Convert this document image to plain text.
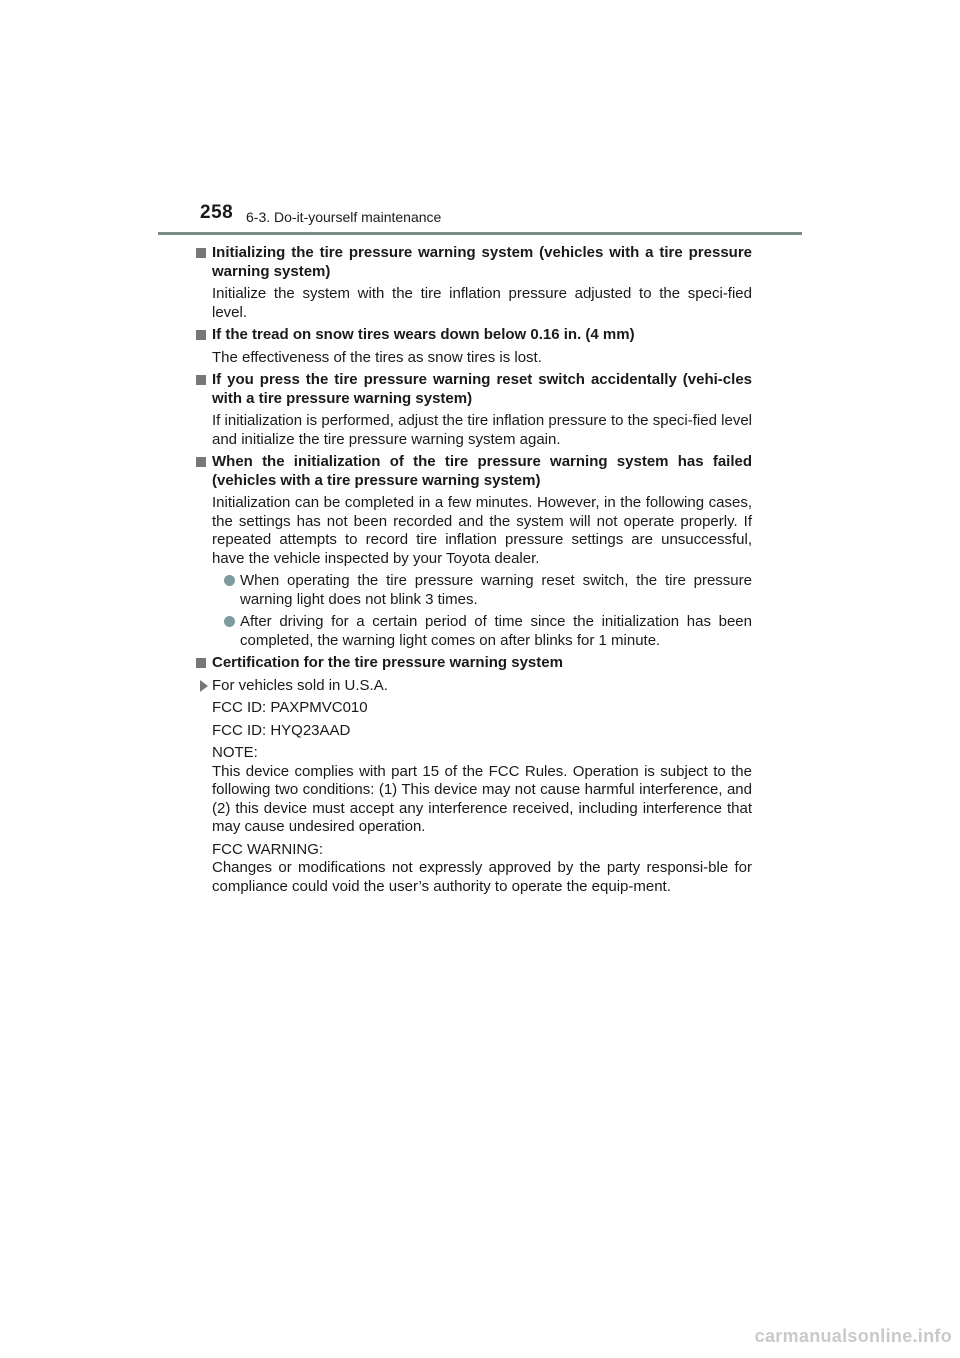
258 6-3. Do-it-yourself maintenance
Initializing the tire pressure warning system (vehicles with a tire pressure warning system)
Initialize the system with the tire inflation pressure adjusted to the speci-fied level.
If the tread on snow tires wears down below 0.16 in. (4 mm)
The effectiveness of the tires as snow tires is lost.
If you press the tire pressure warning reset switch accidentally (vehi-cles with a tire pressure warning system)
If initialization is performed, adjust the tire inflation pressure to the speci-fied level and initialize the tire pressure warning system again.
When the initialization of the tire pressure warning system has failed (vehicles with a tire pressure warning system)
Initialization can be completed in a few minutes. However, in the following cases, the settings has not been recorded and the system will not operate properly. If repeated attempts to record tire inflation pressure settings are unsuccessful, have the vehicle inspected by your Toyota dealer.
When operating the tire pressure warning reset switch, the tire pressure warning light does not blink 3 times.
After driving for a certain period of time since the initialization has been completed, the warning light comes on after blinks for 1 minute.
Certification for the tire pressure warning system
For vehicles sold in U.S.A.
FCC ID: PAXPMVC010
FCC ID: HYQ23AAD
NOTE:
This device complies with part 15 of the FCC Rules. Operation is subject to the following two conditions: (1) This device may not cause harmful interference, and (2) this device must accept any interference received, including interference that may cause undesired operation.
FCC WARNING:
Changes or modifications not expressly approved by the party responsi-ble for compliance could void the user’s authority to operate the equip-ment.
carmanualsonline.info
